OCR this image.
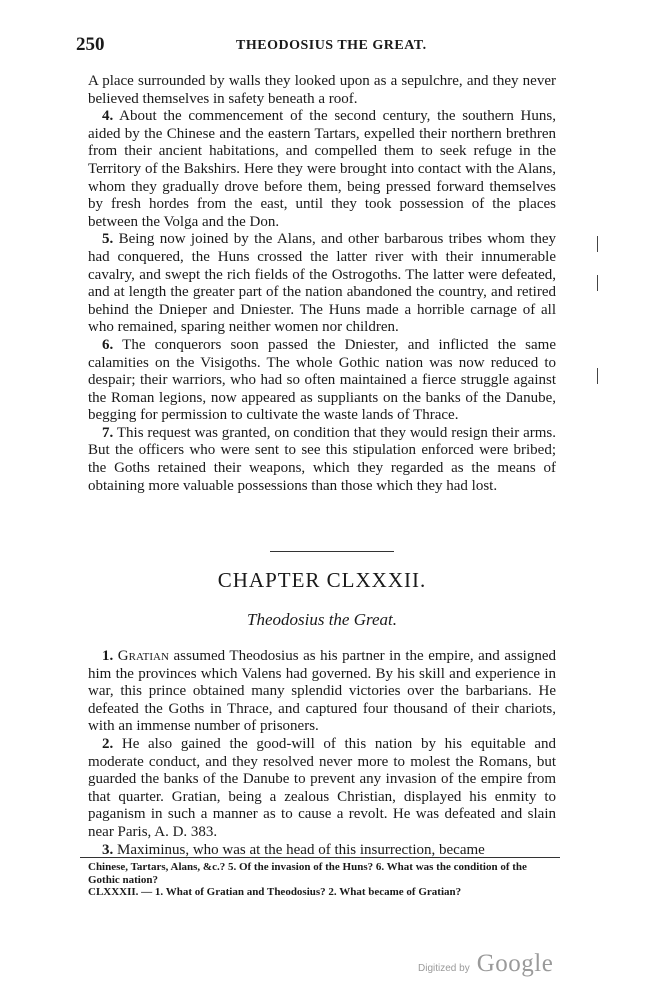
250	THEODOSIUS THE GREAT.

A place surrounded by walls they looked upon as a sepulchre, and they never believed themselves in safety beneath a roof.

4. About the commencement of the second century, the southern Huns, aided by the Chinese and the eastern Tartars, expelled their northern brethren from their ancient habitations, and compelled them to seek refuge in the Territory of the Bakshirs. Here they were brought into contact with the Alans, whom they gradually drove before them, being pressed forward themselves by fresh hordes from the east, until they took possession of the places between the Volga and the Don.

5. Being now joined by the Alans, and other barbarous tribes whom they had conquered, the Huns crossed the latter river with their innumerable cavalry, and swept the rich fields of the Ostrogoths. The latter were defeated, and at length the greater part of the nation abandoned the country, and retired behind the Dnieper and Dniester. The Huns made a horrible carnage of all who remained, sparing neither women nor children.

6. The conquerors soon passed the Dniester, and inflicted the same calamities on the Visigoths. The whole Gothic nation was now reduced to despair; their warriors, who had so often maintained a fierce struggle against the Roman legions, now appeared as suppliants on the banks of the Danube, begging for permission to cultivate the waste lands of Thrace.

7. This request was granted, on condition that they would resign their arms. But the officers who were sent to see this stipulation enforced were bribed; the Goths retained their weapons, which they regarded as the means of obtaining more valuable possessions than those which they had lost.

CHAPTER CLXXXII.
Theodosius the Great.

1. Gratian assumed Theodosius as his partner in the empire, and assigned him the provinces which Valens had governed. By his skill and experience in war, this prince obtained many splendid victories over the barbarians. He defeated the Goths in Thrace, and captured four thousand of their chariots, with an immense number of prisoners.

2. He also gained the good-will of this nation by his equitable and moderate conduct, and they resolved never more to molest the Romans, but guarded the banks of the Danube to prevent any invasion of the empire from that quarter. Gratian, being a zealous Christian, displayed his enmity to paganism in such a manner as to cause a revolt. He was defeated and slain near Paris, A. D. 383.

3. Maximinus, who was at the head of this insurrection, became

Chinese, Tartars, Alans, &c.? 5. Of the invasion of the Huns? 6. What was the condition of the Gothic nation?

CLXXXII. — 1. What of Gratian and Theodosius? 2. What became of Gratian?

Digitized by Google
